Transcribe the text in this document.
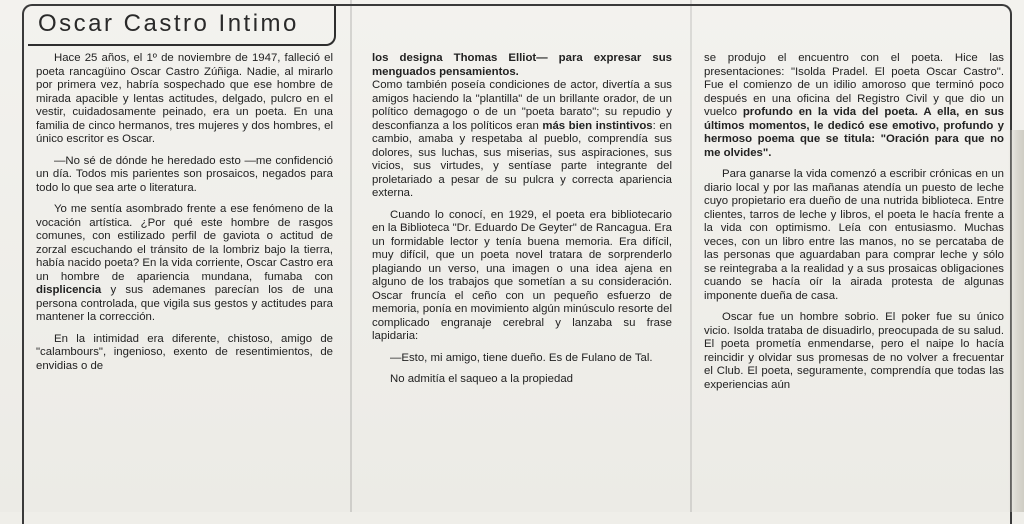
Oscar Castro Intimo

Hace 25 años, el 1º de noviembre de 1947, falleció el poeta rancagüino Oscar Castro Zúñiga. Nadie, al mirarlo por primera vez, habría sospechado que ese hombre de mirada apacible y lentas actitudes, delgado, pulcro en el vestir, cuidadosamente peinado, era un poeta. En una familia de cinco hermanos, tres mujeres y dos hombres, el único escritor es Oscar.

—No sé de dónde he heredado esto —me confidenció un día. Todos mis parientes son prosaicos, negados para todo lo que sea arte o literatura.

Yo me sentía asombrado frente a ese fenómeno de la vocación artística. ¿Por qué este hombre de rasgos comunes, con estilizado perfil de gaviota o actitud de zorzal escuchando el tránsito de la lombriz bajo la tierra, había nacido poeta? En la vida corriente, Oscar Castro era un hombre de apariencia mundana, fumaba con displicencia y sus ademanes parecían los de una persona controlada, que vigila sus gestos y actitudes para mantener la corrección.

En la intimidad era diferente, chistoso, amigo de "calambours", ingenioso, exento de resentimientos, de envidias o de

los designa Thomas Elliot— para expresar sus menguados pensamientos.

Como también poseía condiciones de actor, divertía a sus amigos haciendo la "plantilla" de un brillante orador, de un político demagogo o de un "poeta barato"; su repudio y desconfianza a los políticos eran más bien instintivos: en cambio, amaba y respetaba al pueblo, comprendía sus dolores, sus luchas, sus miserias, sus aspiraciones, sus vicios, sus virtudes, y sentíase parte integrante del proletariado a pesar de su pulcra y correcta apariencia externa.

Cuando lo conocí, en 1929, el poeta era bibliotecario en la Biblioteca "Dr. Eduardo De Geyter" de Rancagua. Era un formidable lector y tenía buena memoria. Era difícil, muy difícil, que un poeta novel tratara de sorprenderlo plagiando un verso, una imagen o una idea ajena en alguno de los trabajos que sometían a su consideración. Oscar fruncía el ceño con un pequeño esfuerzo de memoria, ponía en movimiento algún minúsculo resorte del complicado engranaje cerebral y lanzaba su frase lapidaria:

—Esto, mi amigo, tiene dueño. Es de Fulano de Tal.

No admitía el saqueo a la propiedad

se produjo el encuentro con el poeta. Hice las presentaciones: "Isolda Pradel. El poeta Oscar Castro". Fue el comienzo de un idilio amoroso que terminó poco después en una oficina del Registro Civil y que dio un vuelco profundo en la vida del poeta. A ella, en sus últimos momentos, le dedicó ese emotivo, profundo y hermoso poema que se titula: "Oración para que no me olvides".

Para ganarse la vida comenzó a escribir crónicas en un diario local y por las mañanas atendía un puesto de leche cuyo propietario era dueño de una nutrida biblioteca. Entre clientes, tarros de leche y libros, el poeta le hacía frente a la vida con optimismo. Leía con entusiasmo. Muchas veces, con un libro entre las manos, no se percataba de las personas que aguardaban para comprar leche y sólo se reintegraba a la realidad y a sus prosaicas obligaciones cuando se hacía oír la airada protesta de algunas imponente dueña de casa.

Oscar fue un hombre sobrio. El poker fue su único vicio. Isolda trataba de disuadirlo, preocupada de su salud. El poeta prometía enmendarse, pero el naipe lo hacía reincidir y olvidar sus promesas de no volver a frecuentar el Club. El poeta, seguramente, comprendía que todas las experiencias aún
